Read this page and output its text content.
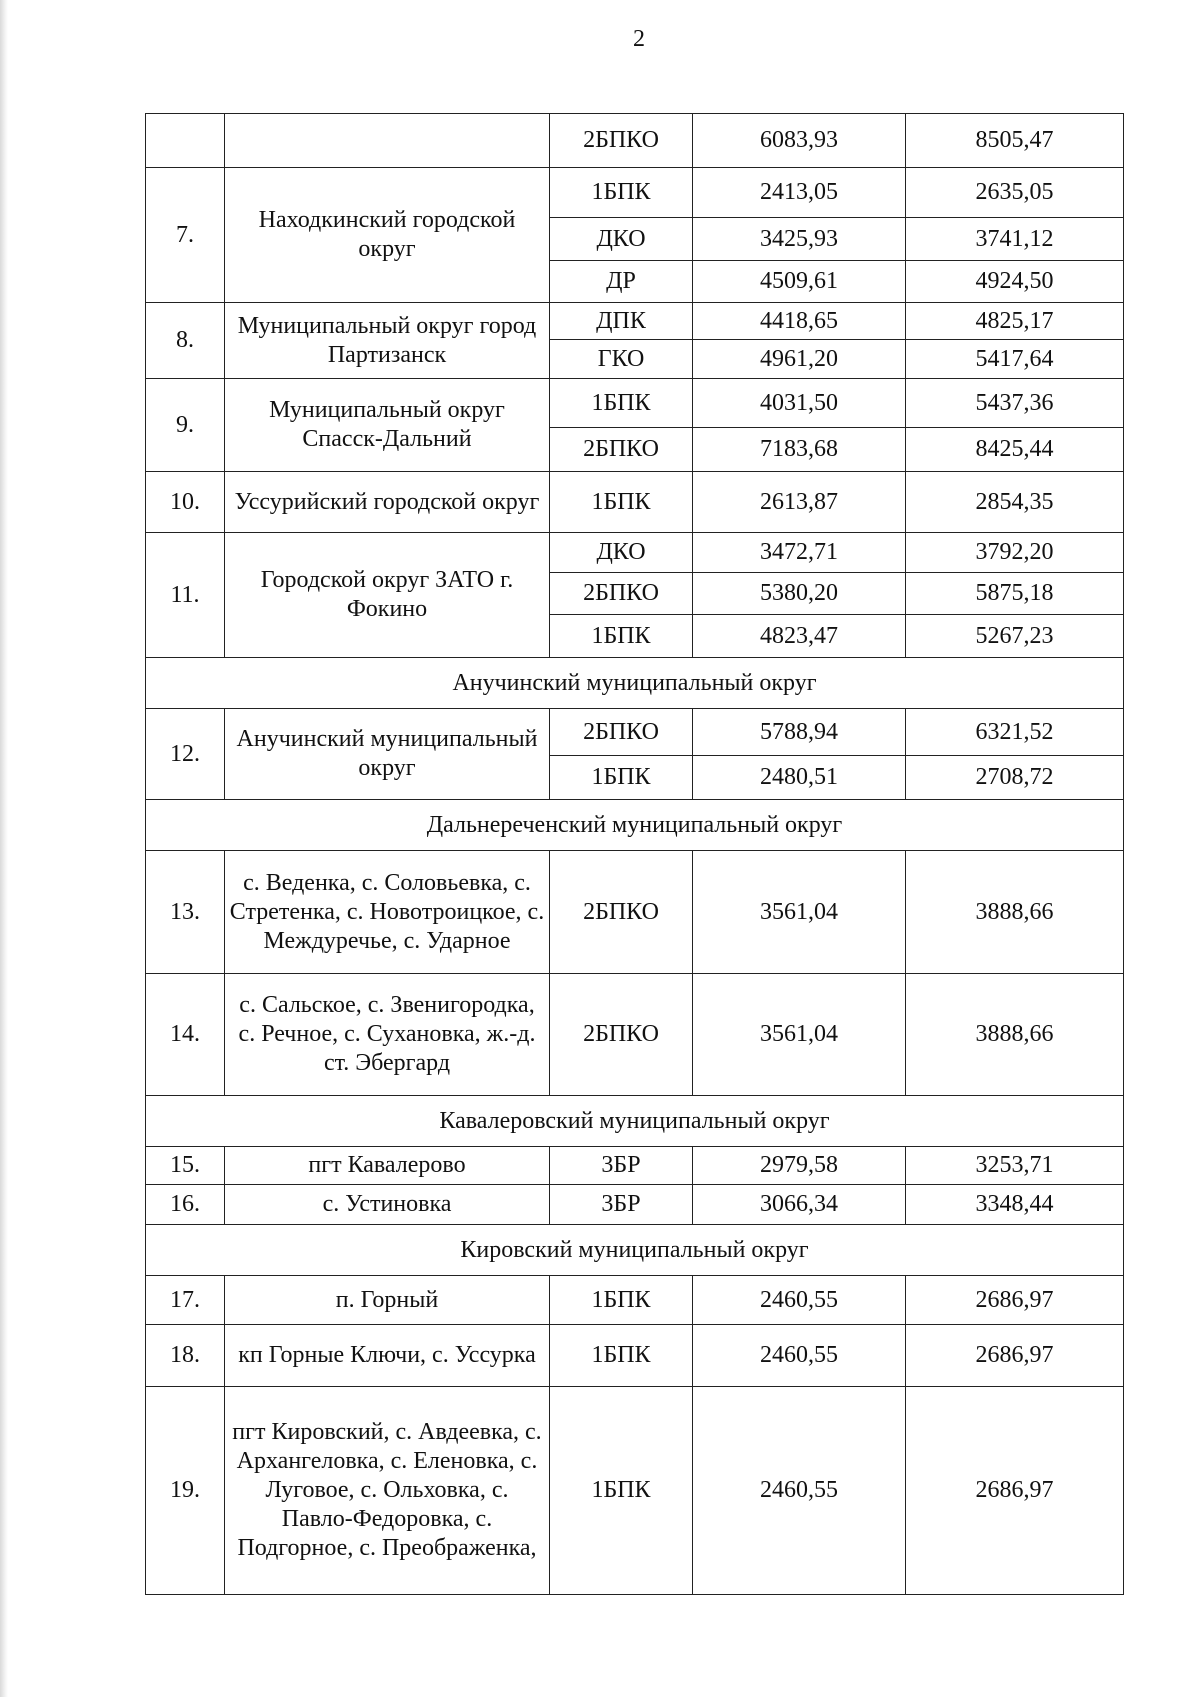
2
		2БПКО	6083,93	8505,47
7.	Находкинский городской округ	1БПК	2413,05	2635,05
		ДКО	3425,93	3741,12
		ДР	4509,61	4924,50
8.	Муниципальный округ город Партизанск	ДПК	4418,65	4825,17
		ГКО	4961,20	5417,64
9.	Муниципальный округ Спасск-Дальний	1БПК	4031,50	5437,36
		2БПКО	7183,68	8425,44
10.	Уссурийский городской округ	1БПК	2613,87	2854,35
11.	Городской округ ЗАТО г. Фокино	ДКО	3472,71	3792,20
		2БПКО	5380,20	5875,18
		1БПК	4823,47	5267,23
Анучинский муниципальный округ				
12.	Анучинский муниципальный округ	2БПКО	5788,94	6321,52
		1БПК	2480,51	2708,72
Дальнереченский муниципальный округ				
13.	с. Веденка, с. Соловьевка, с. Стретенка, с. Новотроицкое, с. Междуречье, с. Ударное	2БПКО	3561,04	3888,66
14.	с. Сальское, с. Звенигородка, с. Речное, с. Сухановка, ж.-д. ст. Эбергард	2БПКО	3561,04	3888,66
Кавалеровский муниципальный округ				
15.	пгт Кавалерово	3БР	2979,58	3253,71
16.	с. Устиновка	3БР	3066,34	3348,44
Кировский муниципальный округ				
17.	п. Горный	1БПК	2460,55	2686,97
18.	кп Горные Ключи, с. Уссурка	1БПК	2460,55	2686,97
19.	пгт Кировский, с. Авдеевка, с. Архангеловка, с. Еленовка, с. Луговое, с. Ольховка, с. Павло-Федоровка, с. Подгорное, с. Преображенка,	1БПК	2460,55	2686,97
